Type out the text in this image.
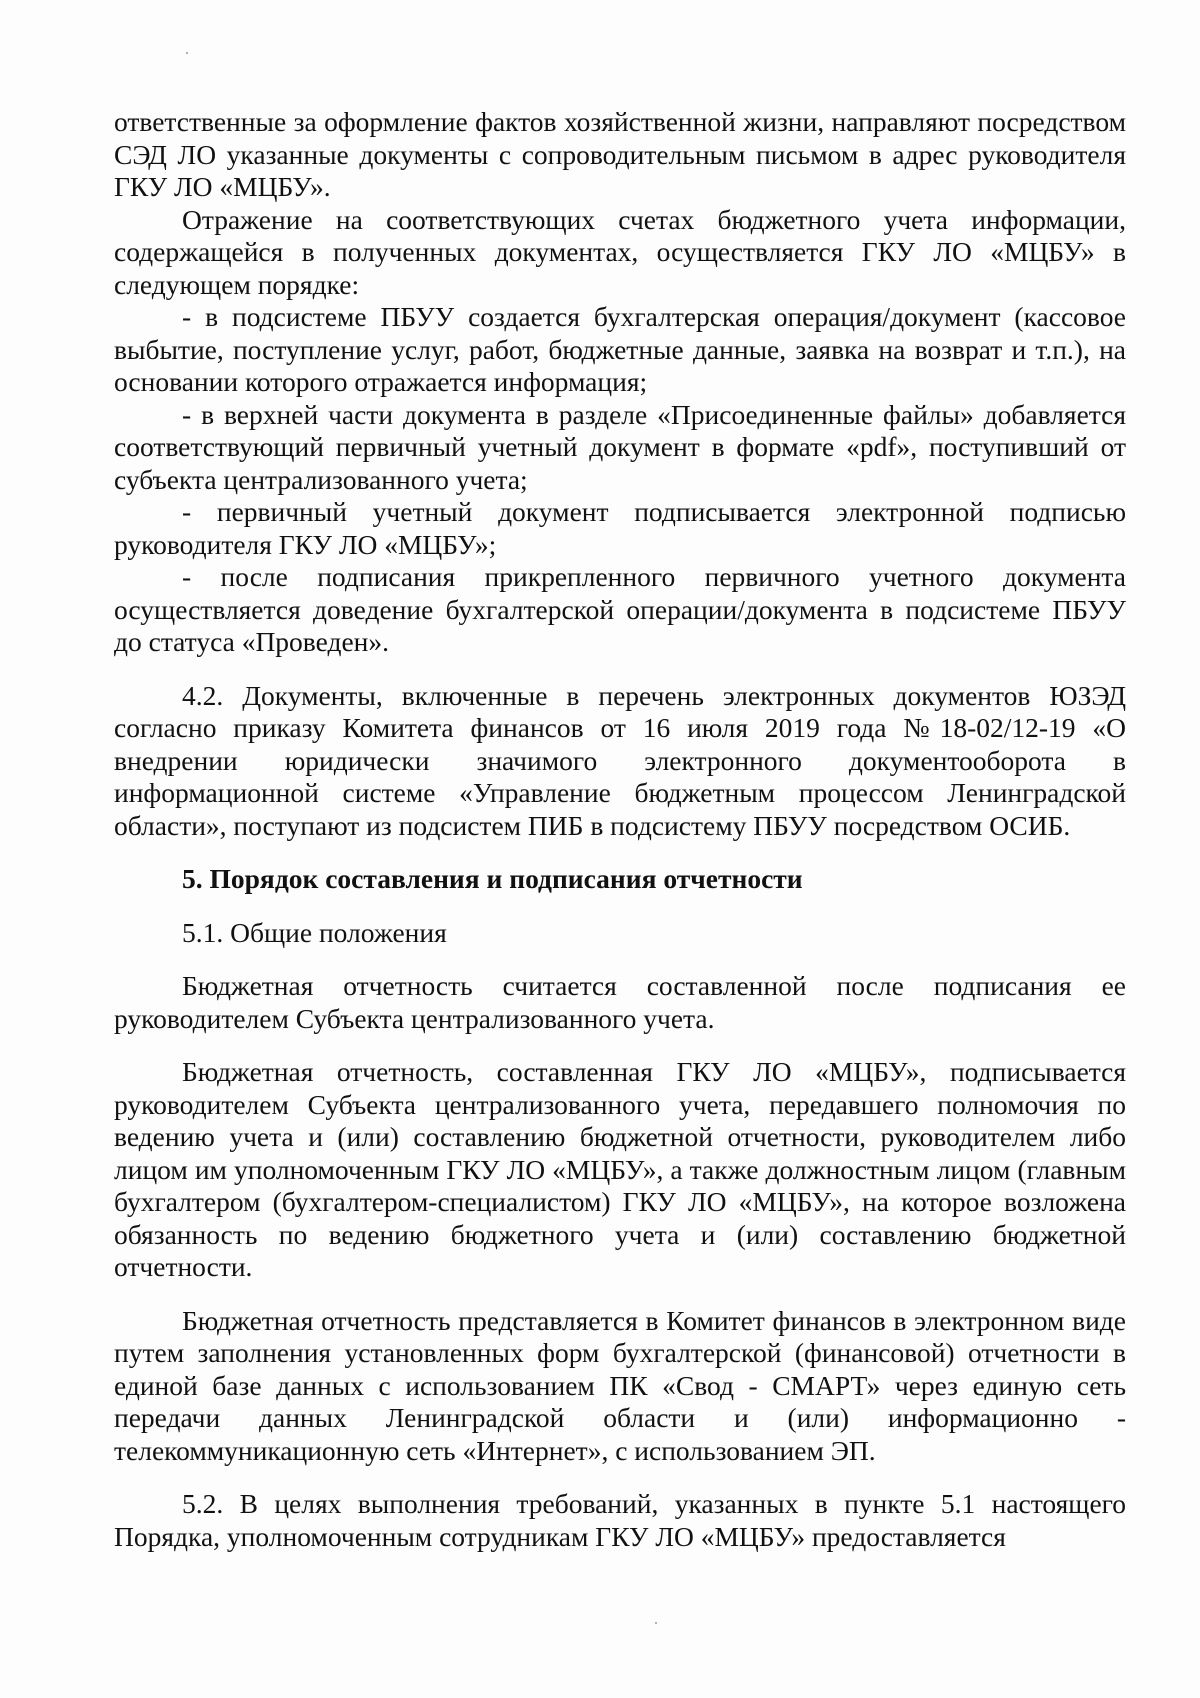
ответственные за оформление фактов хозяйственной жизни, направляют посредством СЭД ЛО указанные документы с сопроводительным письмом в адрес руководителя ГКУ ЛО «МЦБУ».

Отражение на соответствующих счетах бюджетного учета информации, содержащейся в полученных документах, осуществляется ГКУ ЛО «МЦБУ» в следующем порядке:

- в подсистеме ПБУУ создается бухгалтерская операция/документ (кассовое выбытие, поступление услуг, работ, бюджетные данные, заявка на возврат и т.п.), на основании которого отражается информация;

- в верхней части документа в разделе «Присоединенные файлы» добавляется соответствующий первичный учетный документ в формате «pdf», поступивший от субъекта централизованного учета;

- первичный учетный документ подписывается электронной подписью руководителя ГКУ ЛО «МЦБУ»;

- после подписания прикрепленного первичного учетного документа осуществляется доведение бухгалтерской операции/документа в подсистеме ПБУУ до статуса «Проведен».

4.2. Документы, включенные в перечень электронных документов ЮЗЭД согласно приказу Комитета финансов от 16 июля 2019 года №18-02/12-19 «О внедрении юридически значимого электронного документооборота в информационной системе «Управление бюджетным процессом Ленинградской области», поступают из подсистем ПИБ в подсистему ПБУУ посредством ОСИБ.

5. Порядок составления и подписания отчетности

5.1. Общие положения

Бюджетная отчетность считается составленной после подписания ее руководителем Субъекта централизованного учета.

Бюджетная отчетность, составленная ГКУ ЛО «МЦБУ», подписывается руководителем Субъекта централизованного учета, передавшего полномочия по ведению учета и (или) составлению бюджетной отчетности, руководителем либо лицом им уполномоченным ГКУ ЛО «МЦБУ», а также должностным лицом (главным бухгалтером (бухгалтером-специалистом) ГКУ ЛО «МЦБУ», на которое возложена обязанность по ведению бюджетного учета и (или) составлению бюджетной отчетности.

Бюджетная отчетность представляется в Комитет финансов в электронном виде путем заполнения установленных форм бухгалтерской (финансовой) отчетности в единой базе данных с использованием ПК «Свод - СМАРТ» через единую сеть передачи данных Ленинградской области и (или) информационно - телекоммуникационную сеть «Интернет», с использованием ЭП.

5.2. В целях выполнения требований, указанных в пункте 5.1 настоящего Порядка, уполномоченным сотрудникам ГКУ ЛО «МЦБУ» предоставляется
